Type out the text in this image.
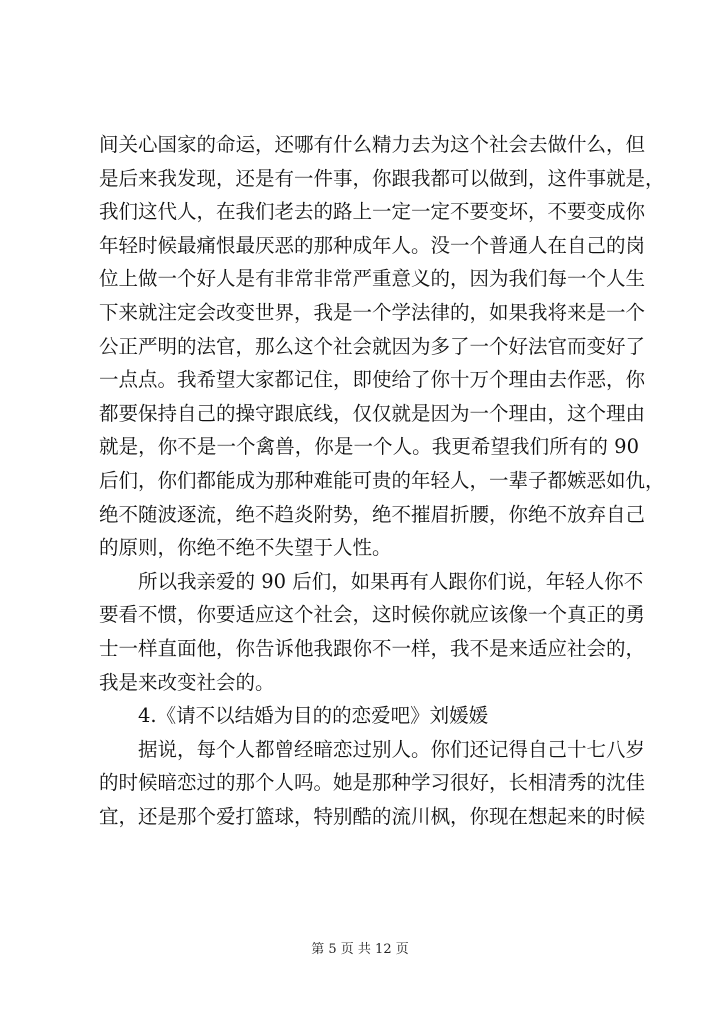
间关心国家的命运，还哪有什么精力去为这个社会去做什么，但
是后来我发现，还是有一件事，你跟我都可以做到，这件事就是，
我们这代人，在我们老去的路上一定一定不要变坏，不要变成你
年轻时候最痛恨最厌恶的那种成年人。没一个普通人在自己的岗
位上做一个好人是有非常非常严重意义的，因为我们每一个人生
下来就注定会改变世界，我是一个学法律的，如果我将来是一个
公正严明的法官，那么这个社会就因为多了一个好法官而变好了
一点点。我希望大家都记住，即使给了你十万个理由去作恶，你
都要保持自己的操守跟底线，仅仅就是因为一个理由，这个理由
就是，你不是一个禽兽，你是一个人。我更希望我们所有的 90
后们，你们都能成为那种难能可贵的年轻人，一辈子都嫉恶如仇，
绝不随波逐流，绝不趋炎附势，绝不摧眉折腰，你绝不放弃自己
的原则，你绝不绝不失望于人性。
所以我亲爱的 90 后们，如果再有人跟你们说，年轻人你不
要看不惯，你要适应这个社会，这时候你就应该像一个真正的勇
士一样直面他，你告诉他我跟你不一样，我不是来适应社会的，
我是来改变社会的。
4.《请不以结婚为目的的恋爱吧》刘媛媛
据说，每个人都曾经暗恋过别人。你们还记得自己十七八岁
的时候暗恋过的那个人吗。她是那种学习很好，长相清秀的沈佳
宜，还是那个爱打篮球，特别酷的流川枫，你现在想起来的时候
第 5 页 共 12 页
